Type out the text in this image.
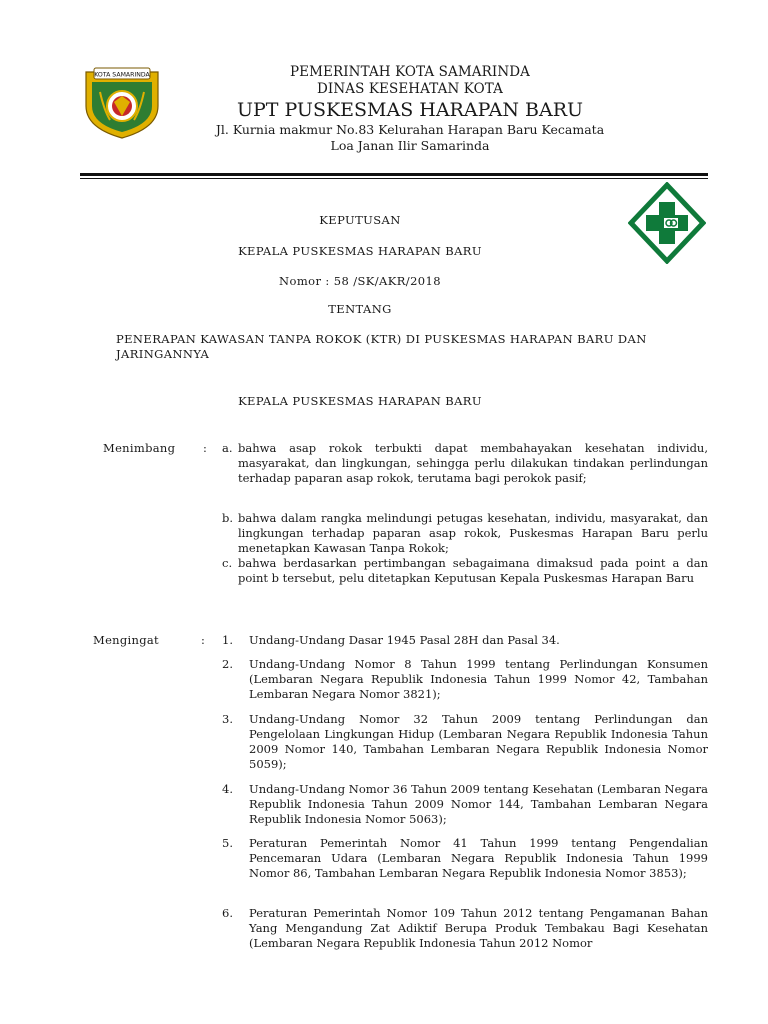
KOTA SAMARINDA	PEMERINTAH KOTA SAMARINDA
DINAS KESEHATAN KOTA
UPT PUSKESMAS HARAPAN BARU
Jl. Kurnia makmur No.83 Kelurahan Harapan Baru Kecamata
Loa Janan Ilir Samarinda
KEPUTUSAN
KEPALA PUSKESMAS HARAPAN BARU
Nomor : 58 /SK/AKR/2018
TENTANG
PENERAPAN KAWASAN TANPA ROKOK (KTR) DI PUSKESMAS HARAPAN BARU DAN
JARINGANNYA
KEPALA PUSKESMAS HARAPAN BARU
Menimbang : a. bahwa asap rokok terbukti dapat membahayakan kesehatan individu, masyarakat, dan lingkungan, sehingga perlu dilakukan tindakan perlindungan terhadap paparan asap rokok, terutama bagi perokok pasif;
b. bahwa dalam rangka melindungi petugas kesehatan, individu, masyarakat, dan lingkungan terhadap paparan asap rokok, Puskesmas Harapan Baru perlu menetapkan Kawasan Tanpa Rokok;
c. bahwa berdasarkan pertimbangan sebagaimana dimaksud pada point a dan point b tersebut, pelu ditetapkan Keputusan Kepala Puskesmas Harapan Baru
Mengingat	: 1. Undang-Undang Dasar 1945 Pasal 28H dan Pasal 34.
2. Undang-Undang Nomor 8 Tahun 1999 tentang Perlindungan Konsumen (Lembaran Negara Republik Indonesia Tahun 1999 Nomor 42, Tambahan Lembaran Negara Nomor 3821);
3. Undang-Undang Nomor 32 Tahun 2009 tentang Perlindungan dan Pengelolaan Lingkungan Hidup (Lembaran Negara Republik Indonesia Tahun 2009 Nomor 140, Tambahan Lembaran Negara Republik Indonesia Nomor 5059);
4. Undang-Undang Nomor 36 Tahun 2009 tentang Kesehatan (Lembaran Negara Republik Indonesia Tahun 2009 Nomor 144, Tambahan Lembaran Negara Republik Indonesia Nomor 5063);
5. Peraturan Pemerintah Nomor 41 Tahun 1999 tentang Pengendalian Pencemaran Udara (Lembaran Negara Republik Indonesia Tahun 1999 Nomor 86, Tambahan Lembaran Negara Republik Indonesia Nomor 3853);
6. Peraturan Pemerintah Nomor 109 Tahun 2012 tentang Pengamanan Bahan Yang Mengandung Zat Adiktif Berupa Produk Tembakau Bagi Kesehatan (Lembaran Negara Republik Indonesia Tahun 2012 Nomor
